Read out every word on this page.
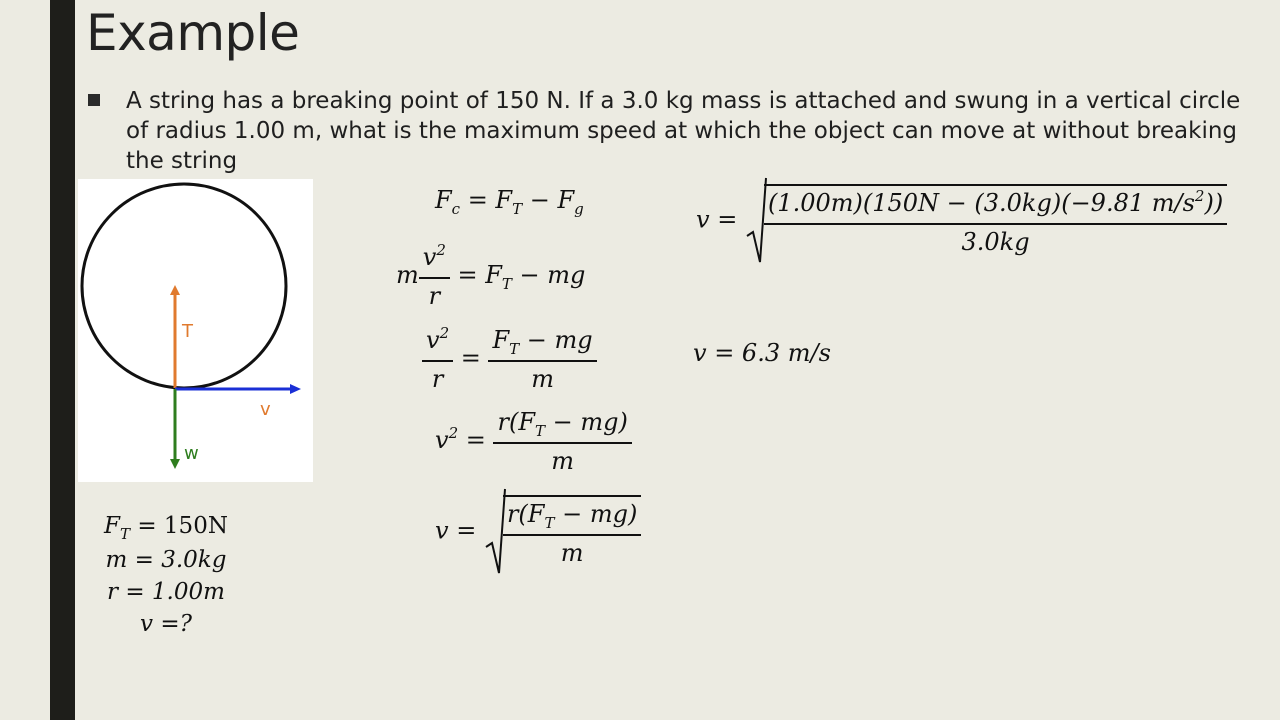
Example
A string has a breaking point of 150 N. If a 3.0 kg mass is attached and swung in a vertical circle of radius 1.00 m, what is the maximum speed at which the object can move at without breaking the string
T
v
w
$F_T = 150N$
m = 3.0kg
r = 1.00m
v =?
$F_c = F_T - F_g$
m $\frac{v^2}{r} = F_T$ − mg
$\frac{v^2}{r} = \frac{F_T - mg}{m}$
$v^2 = \frac{r(F_T - mg)}{m}$
$v = \frac{r(F_T - mg)}{m}$
$v = \frac{(1.00m)(150N - (3.0kg)(-9.81 m/s^2))}{3.0kg}$
v = 6.3 m/s
